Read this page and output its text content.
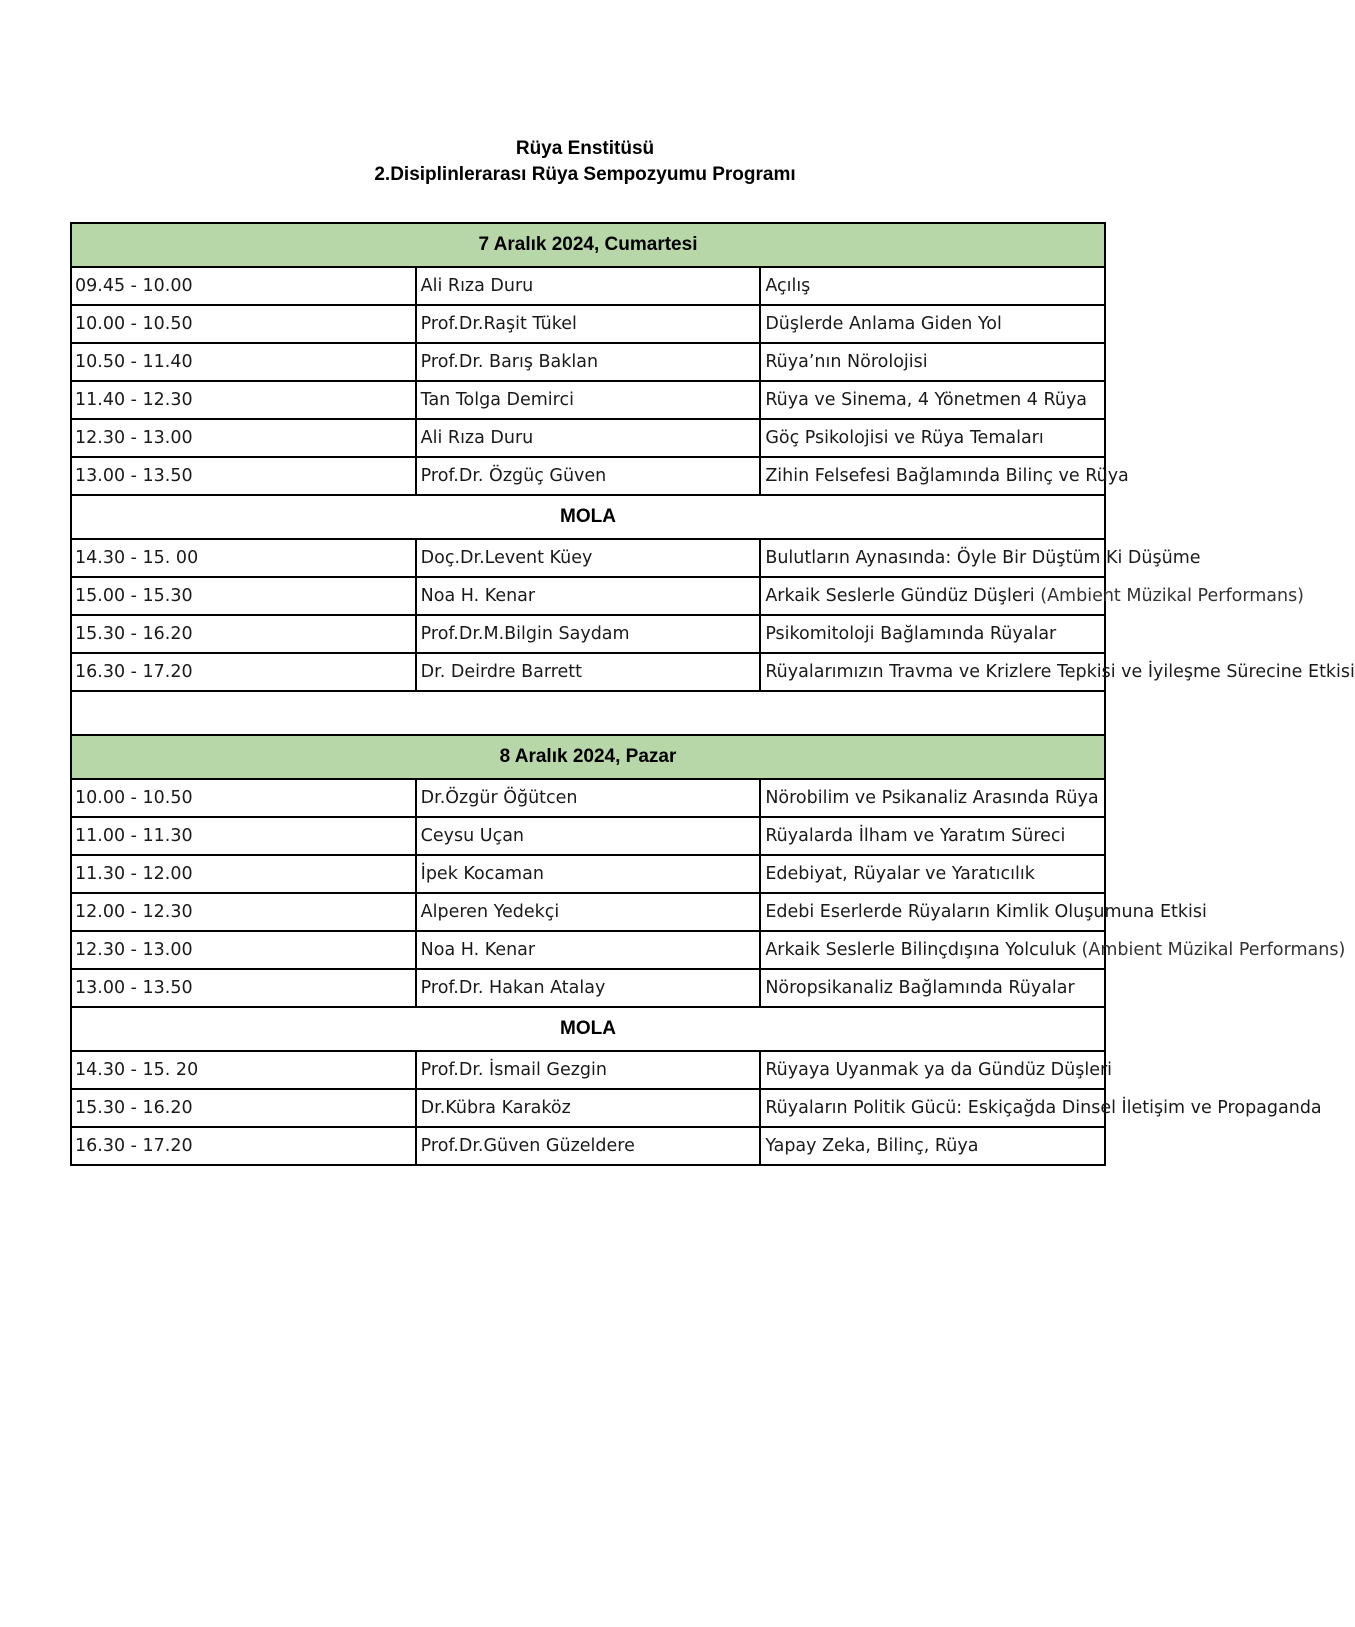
Rüya Enstitüsü
2.Disiplinlerarası Rüya Sempozyumu Programı
7 Aralık 2024, Cumartesi		
09.45 - 10.00	Ali Rıza Duru	Açılış
10.00 - 10.50	Prof.Dr.Raşit Tükel	Düşlerde Anlama Giden Yol
10.50 - 11.40	Prof.Dr. Barış Baklan	Rüya’nın Nörolojisi
11.40 - 12.30	Tan Tolga Demirci	Rüya ve Sinema, 4 Yönetmen 4 Rüya
12.30 - 13.00	Ali Rıza Duru	Göç Psikolojisi ve Rüya Temaları
13.00 - 13.50	Prof.Dr. Özgüç Güven	Zihin Felsefesi Bağlamında Bilinç ve Rüya
MOLA		
14.30 - 15. 00	Doç.Dr.Levent Küey	Bulutların Aynasında: Öyle Bir Düştüm Ki Düşüme
15.00 - 15.30	Noa H. Kenar	Arkaik Seslerle Gündüz Düşleri (Ambient Müzikal Performans)
15.30 - 16.20	Prof.Dr.M.Bilgin Saydam	Psikomitoloji Bağlamında Rüyalar
16.30 - 17.20	Dr. Deirdre Barrett	Rüyalarımızın Travma ve Krizlere Tepkisi ve İyileşme Sürecine Etkisi

8 Aralık 2024, Pazar		
10.00 - 10.50	Dr.Özgür Öğütcen	Nörobilim ve Psikanaliz Arasında Rüya
11.00 - 11.30	Ceysu Uçan	Rüyalarda İlham ve Yaratım Süreci
11.30 - 12.00	İpek Kocaman	Edebiyat, Rüyalar ve Yaratıcılık
12.00 - 12.30	Alperen Yedekçi	Edebi Eserlerde Rüyaların Kimlik Oluşumuna Etkisi
12.30 - 13.00	Noa H. Kenar	Arkaik Seslerle Bilinçdışına Yolculuk (Ambient Müzikal Performans)
13.00 - 13.50	Prof.Dr. Hakan Atalay	Nöropsikanaliz Bağlamında Rüyalar
MOLA		
14.30 - 15. 20	Prof.Dr. İsmail Gezgin	Rüyaya Uyanmak ya da Gündüz Düşleri
15.30 - 16.20	Dr.Kübra Karaköz	Rüyaların Politik Gücü: Eskiçağda Dinsel İletişim ve Propaganda
16.30 - 17.20	Prof.Dr.Güven Güzeldere	Yapay Zeka, Bilinç, Rüya
